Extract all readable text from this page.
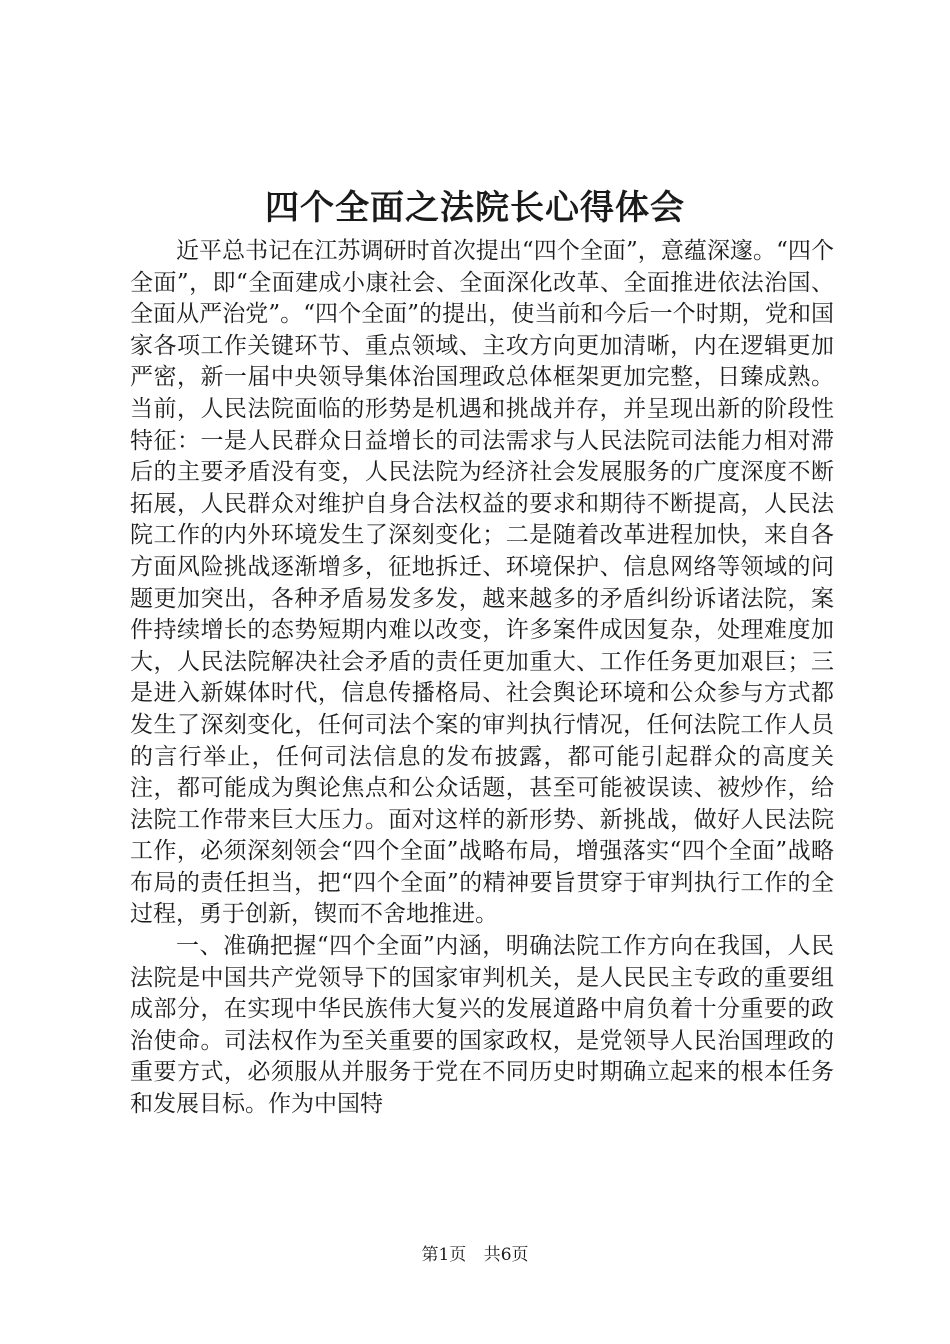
四个全面之法院长心得体会

近平总书记在江苏调研时首次提出“四个全面”，意蕴深邃。“四个全面”，即“全面建成小康社会、全面深化改革、全面推进依法治国、全面从严治党”。“四个全面”的提出，使当前和今后一个时期，党和国家各项工作关键环节、重点领域、主攻方向更加清晰，内在逻辑更加严密，新一届中央领导集体治国理政总体框架更加完整，日臻成熟。当前，人民法院面临的形势是机遇和挑战并存，并呈现出新的阶段性特征：一是人民群众日益增长的司法需求与人民法院司法能力相对滞后的主要矛盾没有变，人民法院为经济社会发展服务的广度深度不断拓展，人民群众对维护自身合法权益的要求和期待不断提高，人民法院工作的内外环境发生了深刻变化；二是随着改革进程加快，来自各方面风险挑战逐渐增多，征地拆迁、环境保护、信息网络等领域的问题更加突出，各种矛盾易发多发，越来越多的矛盾纠纷诉诸法院，案件持续增长的态势短期内难以改变，许多案件成因复杂，处理难度加大，人民法院解决社会矛盾的责任更加重大、工作任务更加艰巨；三是进入新媒体时代，信息传播格局、社会舆论环境和公众参与方式都发生了深刻变化，任何司法个案的审判执行情况，任何法院工作人员的言行举止，任何司法信息的发布披露，都可能引起群众的高度关注，都可能成为舆论焦点和公众话题，甚至可能被误读、被炒作，给法院工作带来巨大压力。面对这样的新形势、新挑战，做好人民法院工作，必须深刻领会“四个全面”战略布局，增强落实“四个全面”战略布局的责任担当，把“四个全面”的精神要旨贯穿于审判执行工作的全过程，勇于创新，锲而不舍地推进。

一、准确把握“四个全面”内涵，明确法院工作方向在我国，人民法院是中国共产党领导下的国家审判机关，是人民民主专政的重要组成部分，在实现中华民族伟大复兴的发展道路中肩负着十分重要的政治使命。司法权作为至关重要的国家政权，是党领导人民治国理政的重要方式，必须服从并服务于党在不同历史时期确立起来的根本任务和发展目标。作为中国特

第1页 共6页
